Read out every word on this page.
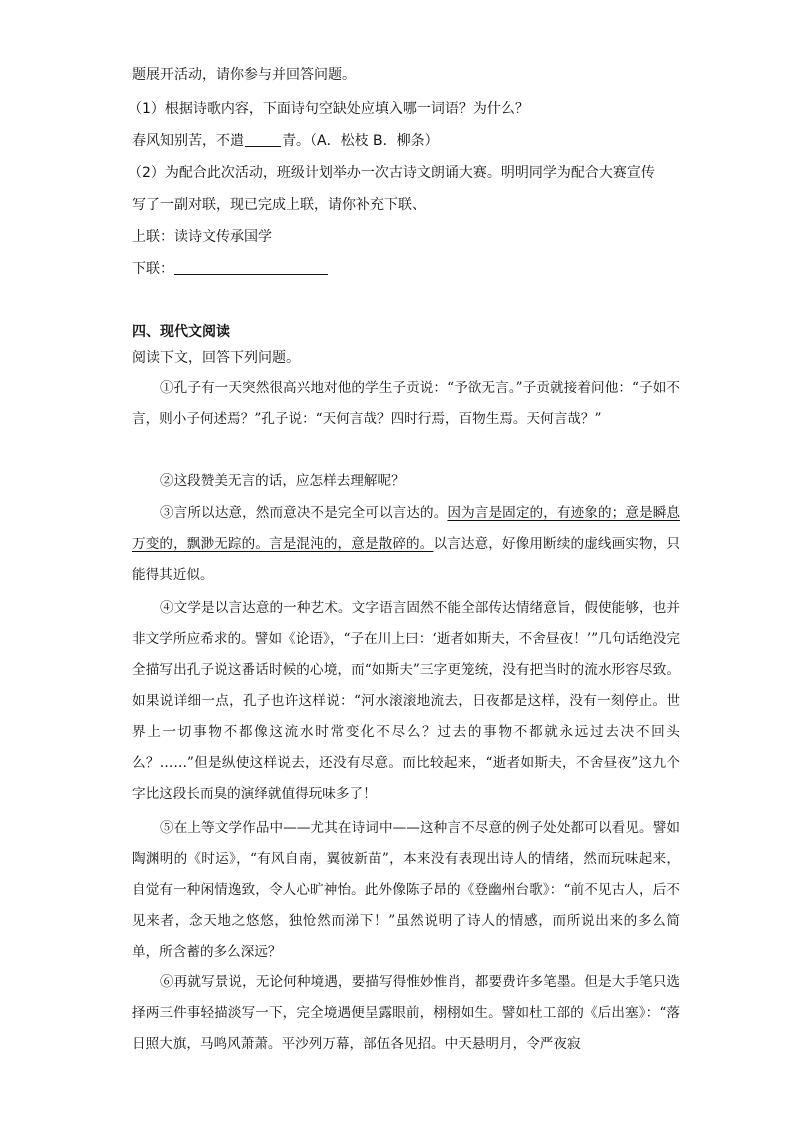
题展开活动，请你参与并回答问题。
（1）根据诗歌内容，下面诗句空缺处应填入哪一词语？为什么？
春风知别苦，不遣	青。（A．松枝 B．柳条）
（2）为配合此次活动，班级计划举办一次古诗文朗诵大赛。明明同学为配合大赛宣传
写了一副对联，现已完成上联，请你补充下联、
上联：读诗文传承国学
下联：
四、现代文阅读
阅读下文，回答下列问题。
①孔子有一天突然很高兴地对他的学生子贡说：“予欲无言。”子贡就接着问他：“子如不言，则小子何述焉？”孔子说：“天何言哉？四时行焉，百物生焉。天何言哉？”
②这段赞美无言的话，应怎样去理解呢？
③言所以达意，然而意决不是完全可以言达的。因为言是固定的，有迹象的；意是瞬息万变的，飘渺无踪的。言是混沌的，意是散碎的。以言达意，好像用断续的虚线画实物，只能得其近似。
④文学是以言达意的一种艺术。文字语言固然不能全部传达情绪意旨，假使能够，也并非文学所应希求的。譬如《论语》，“子在川上曰：‘逝者如斯夫，不舍昼夜！’”几句话绝没完全描写出孔子说这番话时候的心境，而“如斯夫”三字更笼统，没有把当时的流水形容尽致。如果说详细一点，孔子也许这样说：“河水滚滚地流去，日夜都是这样，没有一刻停止。世界上一切事物不都像这流水时常变化不尽么？过去的事物不都就永远过去决不回头么？……”但是纵使这样说去，还没有尽意。而比较起来，“逝者如斯夫，不舍昼夜”这九个字比这段长而臭的演绎就值得玩味多了！
⑤在上等文学作品中——尤其在诗词中——这种言不尽意的例子处处都可以看见。譬如陶渊明的《时运》，“有风自南，翼彼新苗”，本来没有表现出诗人的情绪，然而玩味起来，自觉有一种闲情逸致，令人心旷神怡。此外像陈子昂的《登幽州台歌》：“前不见古人，后不见来者，念天地之悠悠，独怆然而涕下！”虽然说明了诗人的情感，而所说出来的多么简单，所含蓄的多么深远？
⑥再就写景说，无论何种境遇，要描写得惟妙惟肖，都要费许多笔墨。但是大手笔只选择两三件事轻描淡写一下，完全境遇便呈露眼前，栩栩如生。譬如杜工部的《后出塞》：“落日照大旗，马鸣风萧萧。平沙列万幕，部伍各见招。中天悬明月，令严夜寂
